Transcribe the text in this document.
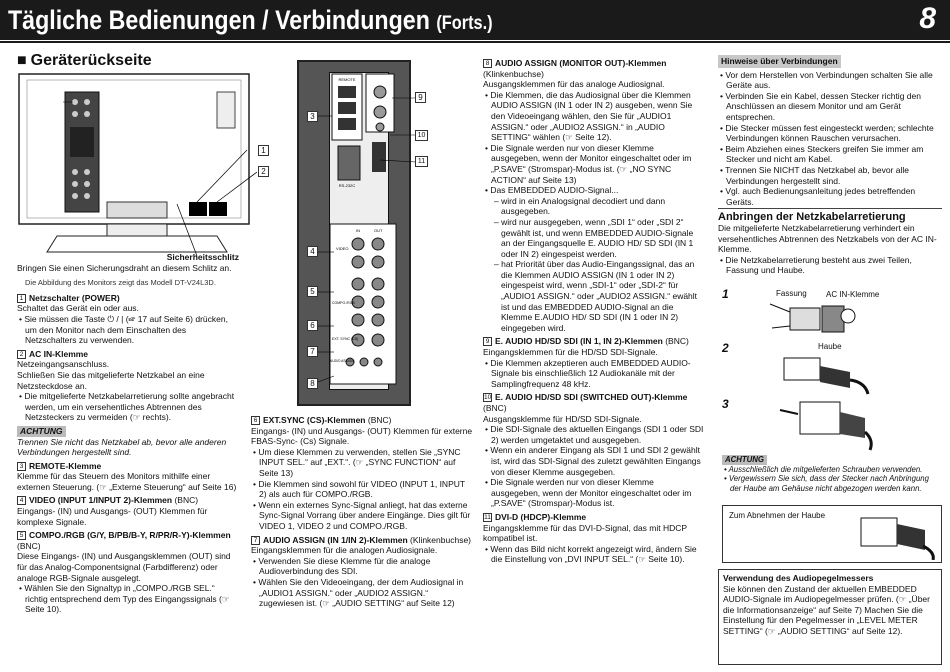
Tägliche Bedienungen / Verbindungen (Forts.)	8
■ Geräterückseite
1
2

Sicherheitsschlitz

Bringen Sie einen Sicherungsdraht an diesem Schlitz an.

Die Abbildung des Monitors zeigt das Modell DT-V24L3D.

1 Netzschalter (POWER)

Schaltet das Gerät ein oder aus.

• Sie müssen die Taste ⏻ / | (☞ 17 auf Seite 6) drücken, um den Monitor nach dem Einschalten des Netzschalters zu verwenden.

2 AC IN-Klemme

Netzeingangsanschluss.

Schließen Sie das mitgelieferte Netzkabel an eine Netzsteckdose an.

• Die mitgelieferte Netzkabelarretierung sollte angebracht werden, um ein versehentliches Abtrennen des Netzsteckers zu vermeiden (☞ rechts).

ACHTUNG

Trennen Sie nicht das Netzkabel ab, bevor alle anderen Verbindungen hergestellt sind.

3 REMOTE-Klemme

Klemme für das Steuern des Monitors mithilfe einer externen Steuerung. (☞ „Externe Steuerung“ auf Seite 16)

4 VIDEO (INPUT 1/INPUT 2)-Klemmen (BNC)

Eingangs- (IN) und Ausgangs- (OUT) Klemmen für komplexe Signale.

5 COMPO./RGB (G/Y, B/PB/B-Y, R/PR/R-Y)-Klemmen (BNC)

Diese Eingangs- (IN) und Ausgangsklemmen (OUT) sind für das Analog-Componentsignal (Farbdifferenz) oder analoge RGB-Signale ausgelegt.

• Wählen Sie den Signaltyp in „COMPO./RGB SEL.“ richtig entsprechend dem Typ des Eingangssignals (☞ Seite 10).

REMOTE
RS-232C
VIDEO
COMPO./RGB
EXT. SYNC (CS)
AUDIO ASSIGN
IN	OUT
3
9
10
11
4
5
6
7
8

6 EXT.SYNC (CS)-Klemmen (BNC)

Eingangs- (IN) und Ausgangs- (OUT) Klemmen für externe FBAS-Sync- (Cs) Signale.

• Um diese Klemmen zu verwenden, stellen Sie „SYNC INPUT SEL.“ auf „EXT.“. (☞ „SYNC FUNCTION“ auf Seite 13)

• Die Klemmen sind sowohl für VIDEO (INPUT 1, INPUT 2) als auch für COMPO./RGB.

• Wenn ein externes Sync-Signal anliegt, hat das externe Sync-Signal Vorrang über andere Eingänge. Dies gilt für VIDEO 1, VIDEO 2 und COMPO./RGB.

7 AUDIO ASSIGN (IN 1/IN 2)-Klemmen (Klinkenbuchse)

Eingangsklemmen für die analogen Audiosignale.

• Verwenden Sie diese Klemme für die analoge Audioverbindung des SDI.

• Wählen Sie den Videoeingang, der dem Audiosignal in „AUDIO1 ASSIGN.“ oder „AUDIO2 ASSIGN.“ zugewiesen ist. (☞ „AUDIO SETTING“ auf Seite 12)

8 AUDIO ASSIGN (MONITOR OUT)-Klemmen (Klinkenbuchse)

Ausgangsklemmen für das analoge Audiosignal.

• Die Klemmen, die das Audiosignal über die Klemmen AUDIO ASSIGN (IN 1 oder IN 2) ausgeben, wenn Sie den Videoeingang wählen, den Sie für „AUDIO1 ASSIGN.“ oder „AUDIO2 ASSIGN.“ in „AUDIO SETTING“ wählen (☞ Seite 12).

• Die Signale werden nur von dieser Klemme ausgegeben, wenn der Monitor eingeschaltet oder im „P.SAVE“ (Stromspar)-Modus ist. (☞ „NO SYNC ACTION“ auf Seite 13)

• Das EMBEDDED AUDIO-Signal...

– wird in ein Analogsignal decodiert und dann ausgegeben.

– wird nur ausgegeben, wenn „SDI 1“ oder „SDI 2“ gewählt ist, und wenn EMBEDDED AUDIO-Signale an der Eingangsquelle E. AUDIO HD/ SD SDI (IN 1 oder IN 2) eingespeist werden.

– hat Priorität über das Audio-Eingangssignal, das an die Klemmen AUDIO ASSIGN (IN 1 oder IN 2) eingespeist wird, wenn „SDI-1“ oder „SDI-2“ für „AUDIO1 ASSIGN.“ oder „AUDIO2 ASSIGN.“ ewählt ist und das EMBEDDED AUDIO-Signal an die Klemme E.AUDIO HD/ SD SDI (IN 1 oder IN 2) eingegeben wird.

9 E. AUDIO HD/SD SDI (IN 1, IN 2)-Klemmen (BNC)

Eingangsklemmen für die HD/SD SDI-Signale.

• Die Klemmen akzeptieren auch EMBEDDED AUDIO-Signale bis einschließlich 12 Audiokanäle mit der Samplingfrequenz 48 kHz.

10 E. AUDIO HD/SD SDI (SWITCHED OUT)-Klemme (BNC)

Ausgangsklemme für HD/SD SDI-Signale.

• Die SDI-Signale des aktuellen Eingangs (SDI 1 oder SDI 2) werden umgetaktet und ausgegeben.

• Wenn ein anderer Eingang als SDI 1 und SDI 2 gewählt ist, wird das SDI-Signal des zuletzt gewählten Eingangs von dieser Klemme ausgegeben.

• Die Signale werden nur von dieser Klemme ausgegeben, wenn der Monitor eingeschaltet oder im „P.SAVE“ (Stromspar)-Modus ist.

11 DVI-D (HDCP)-Klemme

Eingangsklemme für das DVI-D-Signal, das mit HDCP kompatibel ist.

• Wenn das Bild nicht korrekt angezeigt wird, ändern Sie die Einstellung von „DVI INPUT SEL.“ (☞ Seite 10).

Hinweise über Verbindungen

• Vor dem Herstellen von Verbindungen schalten Sie alle Geräte aus.

• Verbinden Sie ein Kabel, dessen Stecker richtig den Anschlüssen an diesem Monitor und am Gerät entsprechen.

• Die Stecker müssen fest eingesteckt werden; schlechte Verbindungen können Rauschen verursachen.

• Beim Abziehen eines Steckers greifen Sie immer am Stecker und nicht am Kabel.

• Trennen Sie NICHT das Netzkabel ab, bevor alle Verbindungen hergestellt sind.

• Vgl. auch Bedienungsanleitung jedes betreffenden Geräts.

Anbringen der Netzkabelarretierung

Die mitgelieferte Netzkabelarretierung verhindert ein versehentliches Abtrennen des Netzkabels von der AC IN-Klemme.

• Die Netzkabelarretierung besteht aus zwei Teilen, Fassung und Haube.

1	Fassung AC IN-Klemme
2	Haube
3
ACHTUNG

• Ausschließlich die mitgelieferten Schrauben verwenden.

• Vergewissern Sie sich, dass der Stecker nach Anbringung der Haube am Gehäuse nicht abgezogen werden kann.

Zum Abnehmen der Haube
Verwendung des Audiopegelmessers
Sie können den Zustand der aktuellen EMBEDDED AUDIO-Signale im Audiopegelmesser prüfen. (☞ „Über die Informationsanzeige“ auf Seite 7) Machen Sie die Einstellung für den Pegelmesser in „LEVEL METER SETTING“ (☞ „AUDIO SETTING“ auf Seite 12).
